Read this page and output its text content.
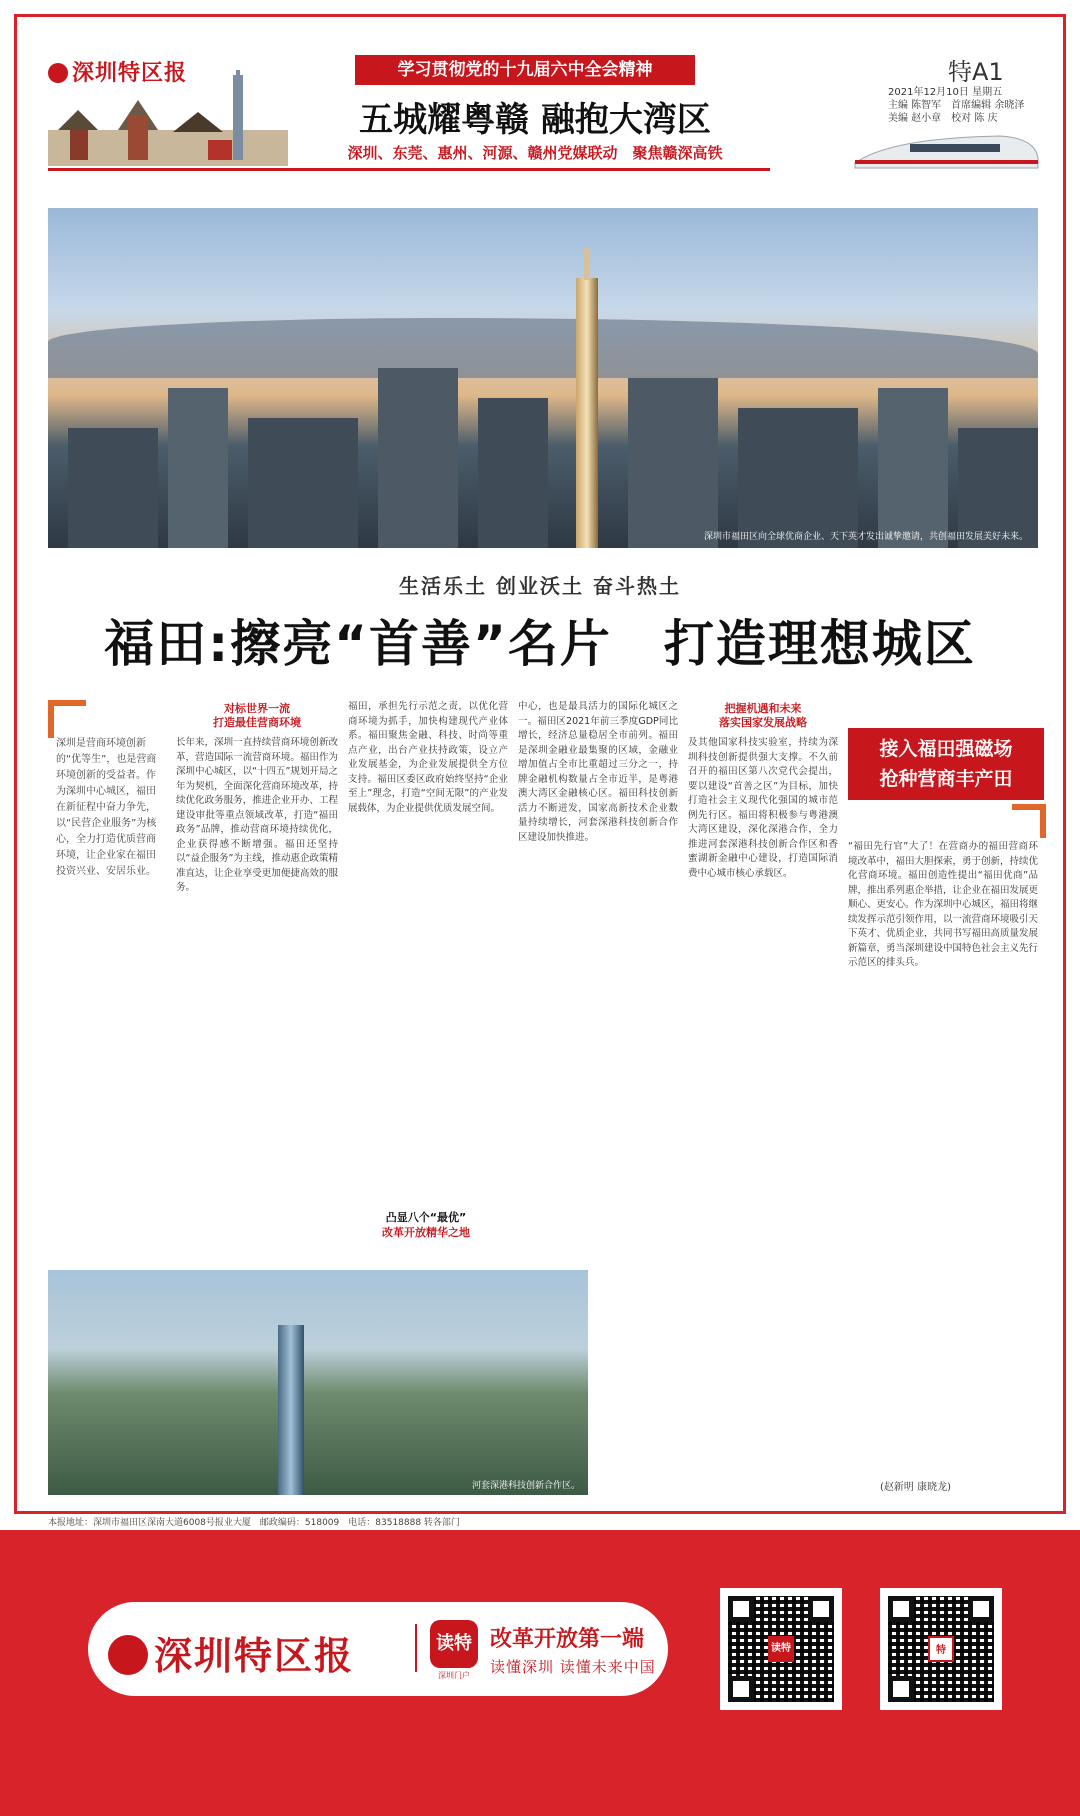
深圳特区报	学习贯彻党的十九届六中全会精神
五城耀粤赣 融抱大湾区
深圳、东莞、惠州、河源、赣州党媒联动　聚焦赣深高铁
特A1
2021年12月10日 星期五
主编 陈智军　首席编辑 余晓泽
美编 赵小章　校对 陈 庆
深圳市福田区向全球优商企业、天下英才发出诚挚邀请，共创福田发展美好未来。
生活乐土 创业沃土 奋斗热土
福田:擦亮“首善”名片　打造理想城区
深圳是营商环境创新的“优等生”，也是营商环境创新的受益者。作为深圳中心城区，福田在新征程中奋力争先，以“民营企业服务”为核心，全力打造优质营商环境，让企业家在福田投资兴业、安居乐业。
对标世界一流
打造最佳营商环境
长年来，深圳一直持续营商环境创新改革，营造国际一流营商环境。福田作为深圳中心城区，以“十四五”规划开局之年为契机，全面深化营商环境改革，持续优化政务服务，推进企业开办、工程建设审批等重点领域改革，打造“福田政务”品牌，推动营商环境持续优化，企业获得感不断增强。福田还坚持以“益企服务”为主线，推动惠企政策精准直达，让企业享受更加便捷高效的服务。
福田，承担先行示范之责，以优化营商环境为抓手，加快构建现代产业体系。福田聚焦金融、科技、时尚等重点产业，出台产业扶持政策，设立产业发展基金，为企业发展提供全方位支持。福田区委区政府始终坚持“企业至上”理念，打造“空间无限”的产业发展载体，为企业提供优质发展空间。
凸显八个“最优”
改革开放精华之地
中心，也是最具活力的国际化城区之一。福田区2021年前三季度GDP同比增长，经济总量稳居全市前列。福田是深圳金融业最集聚的区域，金融业增加值占全市比重超过三分之一，持牌金融机构数量占全市近半，是粤港澳大湾区金融核心区。福田科技创新活力不断迸发，国家高新技术企业数量持续增长，河套深港科技创新合作区建设加快推进。
把握机遇和未来
落实国家发展战略
及其他国家科技实验室，持续为深圳科技创新提供强大支撑。不久前召开的福田区第八次党代会提出，要以建设“首善之区”为目标，加快打造社会主义现代化强国的城市范例先行区。福田将积极参与粤港澳大湾区建设，深化深港合作，全力推进河套深港科技创新合作区和香蜜湖新金融中心建设，打造国际消费中心城市核心承载区。
接入福田强磁场
抢种营商丰产田
“福田先行官”大了！在营商办的福田营商环境改革中，福田大胆探索，勇于创新，持续优化营商环境。福田创造性提出“福田优商”品牌，推出系列惠企举措，让企业在福田发展更顺心、更安心。作为深圳中心城区，福田将继续发挥示范引领作用，以一流营商环境吸引天下英才、优质企业，共同书写福田高质量发展新篇章，勇当深圳建设中国特色社会主义先行示范区的排头兵。
(赵新明 康晓龙)
河套深港科技创新合作区。
本报地址：深圳市福田区深南大道6008号报业大厦　邮政编码：518009　电话：83518888 转各部门
深圳特区报	读特
深圳门户
改革开放第一端
读懂深圳 读懂未来中国
读特	特
